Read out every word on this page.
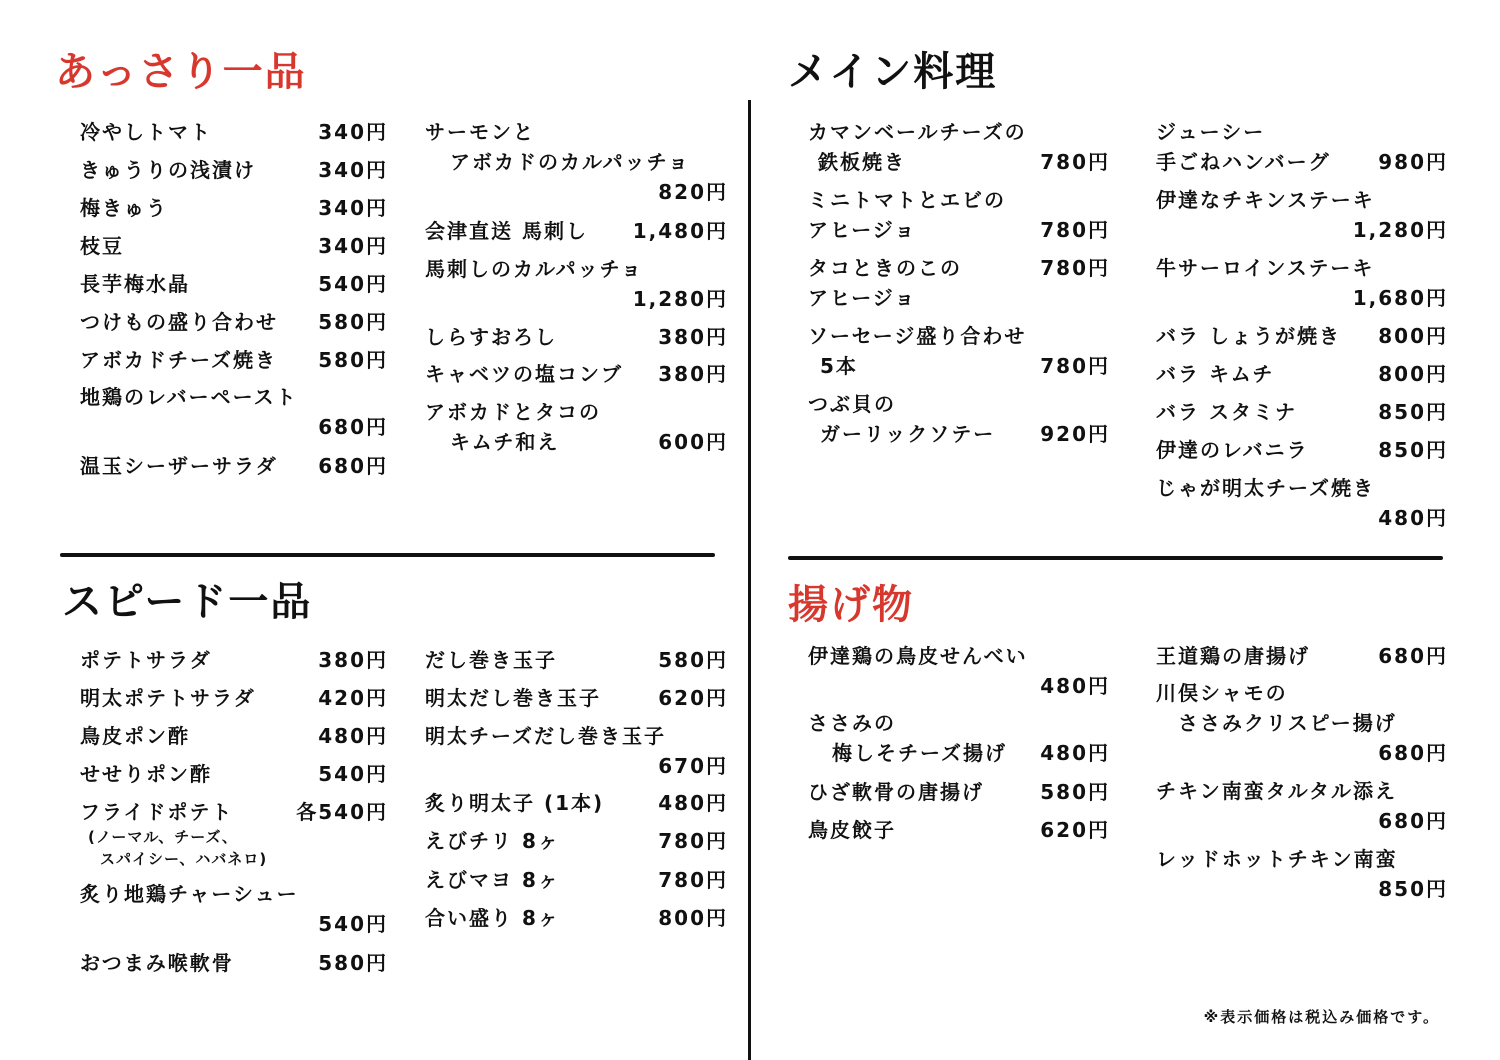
あっさり一品	メイン料理
スピード一品	揚げ物
冷やしトマト	340円
きゅうりの浅漬け	340円
梅きゅう	340円
枝豆	340円
長芋梅水晶	540円
つけもの盛り合わせ 580円
アボカドチーズ焼き 580円
地鶏のレバーペースト
680円
温玉シーザーサラダ 680円
サーモンと
アボカドのカルパッチョ
820円
会津直送 馬刺し 1,480円
馬刺しのカルパッチョ
1,280円
しらすおろし	380円
キャベツの塩コンブ 380円
アボカドとタコの
キムチ和え	600円
カマンベールチーズの
鉄板焼き	780円
ミニトマトとエビの
アヒージョ	780円
タコときのこの
アヒージョ
780円
ソーセージ盛り合わせ
5本	780円
つぶ貝の
ガーリックソテー 920円
ジューシー
手ごねハンバーグ 980円
伊達なチキンステーキ
1,280円
牛サーロインステーキ
1,680円
バラ しょうが焼き 800円
バラ キムチ	800円
バラ スタミナ	850円
伊達のレバニラ	850円
じゃが明太チーズ焼き
480円
ポテトサラダ	380円
明太ポテトサラダ	420円
鳥皮ポン酢	480円
せせりポン酢	540円
フライドポテト	各540円
(ノーマル、チーズ、
スパイシー、ハバネロ)
炙り地鶏チャーシュー
540円
おつまみ喉軟骨	580円
だし巻き玉子	580円
明太だし巻き玉子	620円
明太チーズだし巻き玉子
670円
炙り明太子 (1本)	480円
えびチリ 8ヶ	780円
えびマヨ 8ヶ	780円
合い盛り 8ヶ	800円
伊達鶏の鳥皮せんべい
480円
ささみの
梅しそチーズ揚げ 480円
ひざ軟骨の唐揚げ	580円
鳥皮餃子	620円
王道鶏の唐揚げ	680円
川俣シャモの
ささみクリスピー揚げ
680円
チキン南蛮タルタル添え
680円
レッドホットチキン南蛮
850円
※表示価格は税込み価格です。
